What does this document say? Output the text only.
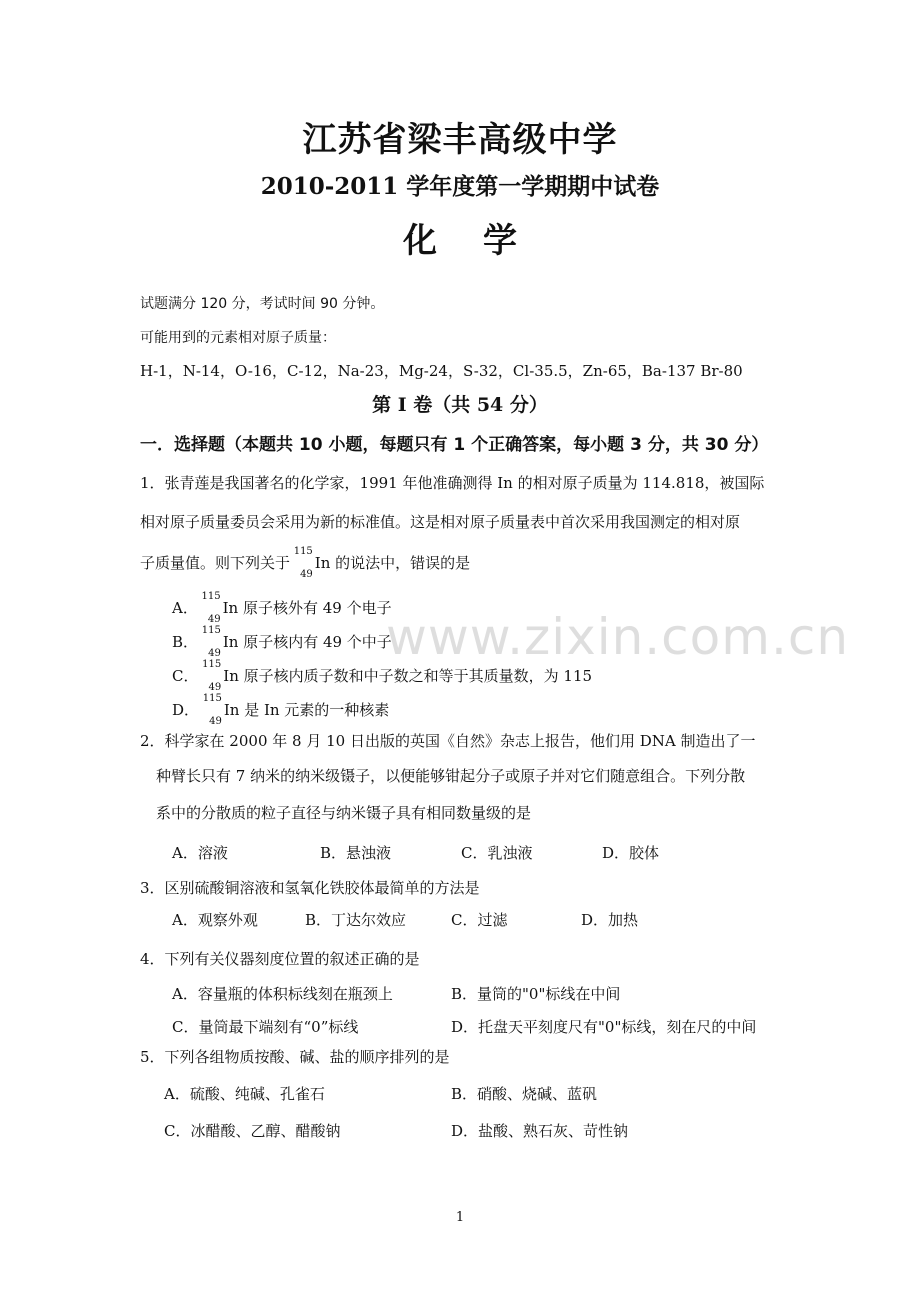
江苏省梁丰高级中学
2010-2011 学年度第一学期期中试卷
化学
试题满分 120 分，考试时间 90 分钟。
可能用到的元素相对原子质量：
H-1，N-14，O-16，C-12，Na-23，Mg-24，S-32，Cl-35.5，Zn-65，Ba-137 Br-80
第 I 卷（共 54 分）
一．选择题（本题共 10 小题，每题只有 1 个正确答案，每小题 3 分，共 30 分）
1．张青莲是我国著名的化学家，1991 年他准确测得 In 的相对原子质量为 114.818，被国际
相对原子质量委员会采用为新的标准值。这是相对原子质量表中首次采用我国测定的相对原
子质量值。则下列关于
115
49
In 的说法中，错误的是
A．
115
49
In 原子核外有 49 个电子
B．
115
49
In 原子核内有 49 个中子
C．
115
49
In 原子核内质子数和中子数之和等于其质量数，为 115
D．
115
49
In 是 In 元素的一种核素
2．科学家在 2000 年 8 月 10 日出版的英国《自然》杂志上报告，他们用 DNA 制造出了一
种臂长只有 7 纳米的纳米级镊子，以便能够钳起分子或原子并对它们随意组合。下列分散
系中的分散质的粒子直径与纳米镊子具有相同数量级的是
A．溶液	B．悬浊液	C．乳浊液	D．胶体
3．区别硫酸铜溶液和氢氧化铁胶体最简单的方法是
A．观察外观	B．丁达尔效应	C．过滤	D．加热
4．下列有关仪器刻度位置的叙述正确的是
A．容量瓶的体积标线刻在瓶颈上	B．量筒的"0"标线在中间
C．量筒最下端刻有“0”标线	D．托盘天平刻度尺有"0"标线，刻在尺的中间
5．下列各组物质按酸、碱、盐的顺序排列的是
A．硫酸、纯碱、孔雀石	B．硝酸、烧碱、蓝矾
C．冰醋酸、乙醇、醋酸钠	D．盐酸、熟石灰、苛性钠
www.zixin.com.cn
1
